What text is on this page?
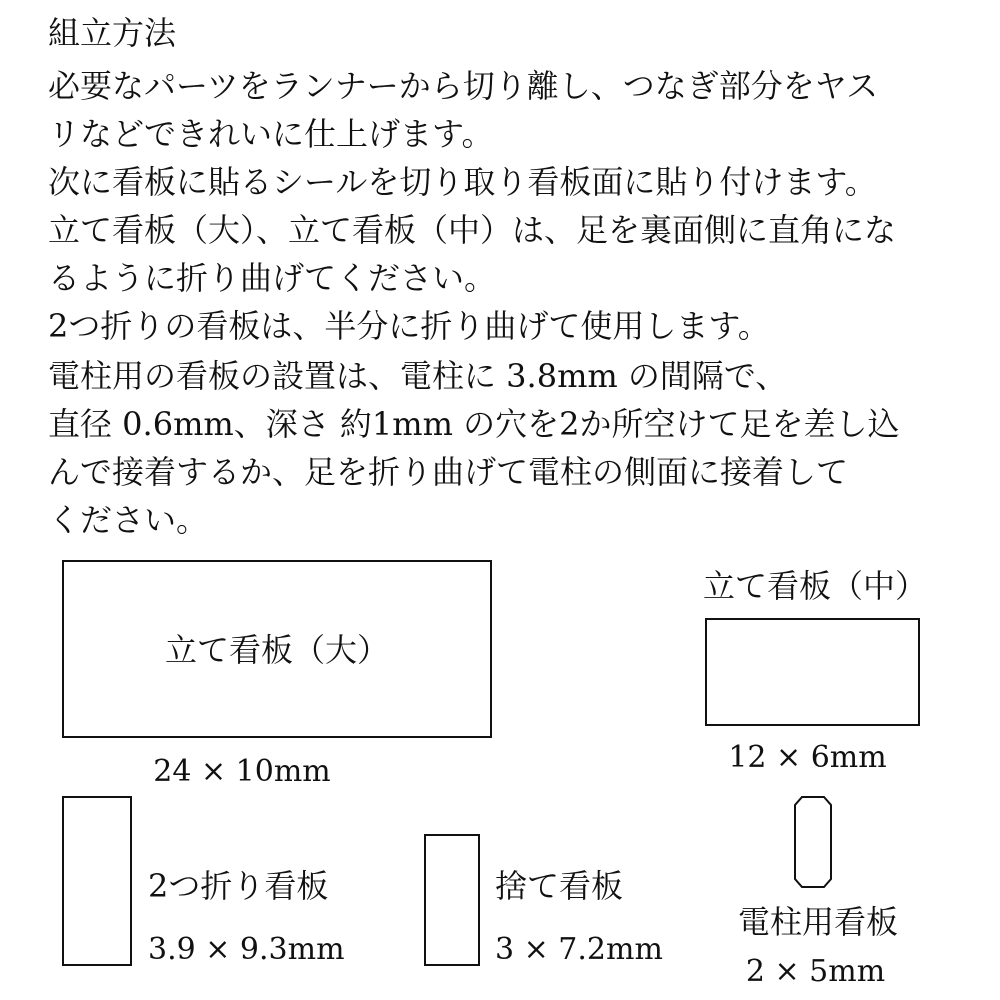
組立方法
必要なパーツをランナーから切り離し、つなぎ部分をヤス
リなどできれいに仕上げます。
次に看板に貼るシールを切り取り看板面に貼り付けます。
立て看板（大）、立て看板（中）は、足を裏面側に直角にな
るように折り曲げてください。
2つ折りの看板は、半分に折り曲げて使用します。
電柱用の看板の設置は、電柱に 3.8mm の間隔で、
直径 0.6mm、深さ 約1mm の穴を2か所空けて足を差し込
んで接着するか、足を折り曲げて電柱の側面に接着して
ください。
立て看板（大）
24 × 10mm
立て看板（中）
12 × 6mm
2つ折り看板
3.9 × 9.3mm
捨て看板
3 × 7.2mm
電柱用看板
2 × 5mm
